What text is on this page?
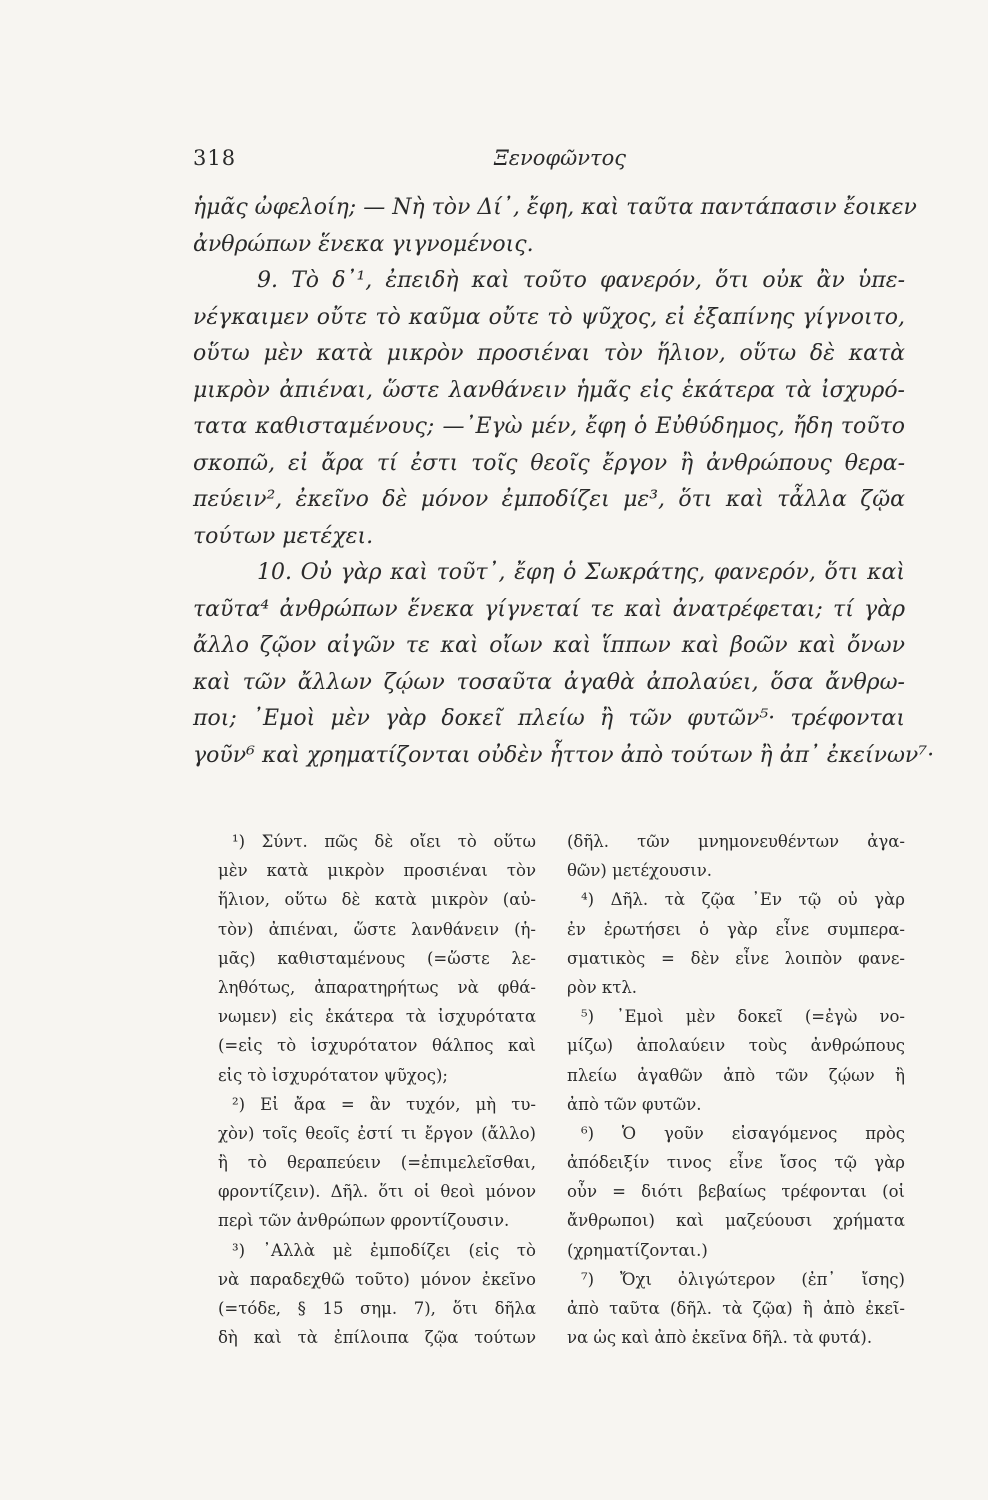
318	Ξενοφῶντος
ἡμᾶς ὠφελοίη; — Νὴ τὸν Δί᾽, ἔφη, καὶ ταῦτα παντάπασιν ἔοικεν
ἀνθρώπων ἕνεκα γιγνομένοις.
9. Τὸ δ᾽¹, ἐπειδὴ καὶ τοῦτο φανερόν, ὅτι οὐκ ἂν ὑπε-
νέγκαιμεν οὔτε τὸ καῦμα οὔτε τὸ ψῦχος, εἰ ἐξαπίνης γίγνοιτο,
οὕτω μὲν κατὰ μικρὸν προσιέναι τὸν ἥλιον, οὕτω δὲ κατὰ
μικρὸν ἀπιέναι, ὥστε λανθάνειν ἡμᾶς εἰς ἑκάτερα τὰ ἰσχυρό-
τατα καθισταμένους; —᾽Εγὼ μέν, ἔφη ὁ Εὐθύδημος, ἤδη τοῦτο
σκοπῶ, εἰ ἄρα τί ἐστι τοῖς θεοῖς ἔργον ἢ ἀνθρώπους θερα-
πεύειν², ἐκεῖνο δὲ μόνον ἐμποδίζει με³, ὅτι καὶ τἆλλα ζῷα
τούτων μετέχει.
10. Οὐ γὰρ καὶ τοῦτ᾽, ἔφη ὁ Σωκράτης, φανερόν, ὅτι καὶ
ταῦτα⁴ ἀνθρώπων ἕνεκα γίγνεταί τε καὶ ἀνατρέφεται; τί γὰρ
ἄλλο ζῷον αἰγῶν τε καὶ οἴων καὶ ἵππων καὶ βοῶν καὶ ὄνων
καὶ τῶν ἄλλων ζῴων τοσαῦτα ἀγαθὰ ἀπολαύει, ὅσα ἄνθρω-
ποι; ᾽Εμοὶ μὲν γὰρ δοκεῖ πλείω ἢ τῶν φυτῶν⁵· τρέφονται
γοῦν⁶ καὶ χρηματίζονται οὐδὲν ἧττον ἀπὸ τούτων ἢ ἀπ᾽ ἐκείνων⁷·
¹) Σύντ. πῶς δὲ οἴει τὸ οὕτω
μὲν κατὰ μικρὸν προσιέναι τὸν
ἥλιον, οὕτω δὲ κατὰ μικρὸν (αὐ-
τὸν) ἀπιέναι, ὥστε λανθάνειν (ἡ-
μᾶς) καθισταμένους (=ὥστε λε-
ληθότως, ἀπαρατηρήτως νὰ φθά-
νωμεν) εἰς ἑκάτερα τὰ ἰσχυρότατα
(=εἰς τὸ ἰσχυρότατον θάλπος καὶ
εἰς τὸ ἰσχυρότατον ψῦχος);
²) Εἰ ἄρα = ἂν τυχόν, μὴ τυ-
χὸν) τοῖς θεοῖς ἐστί τι ἔργον (ἄλλο)
ἢ τὸ θεραπεύειν (=ἐπιμελεῖσθαι,
φροντίζειν). Δῆλ. ὅτι οἱ θεοὶ μόνον
περὶ τῶν ἀνθρώπων φροντίζουσιν.
³) ᾽Αλλὰ μὲ ἐμποδίζει (εἰς τὸ
νὰ παραδεχθῶ τοῦτο) μόνον ἐκεῖνο
(=τόδε, § 15 σημ. 7), ὅτι δῆλα
δὴ καὶ τὰ ἐπίλοιπα ζῷα τούτων
(δῆλ. τῶν μνημονευθέντων ἀγα-
θῶν) μετέχουσιν.
⁴) Δῆλ. τὰ ζῷα ᾽Εν τῷ οὐ γὰρ
ἐν ἐρωτήσει ὁ γὰρ εἶνε συμπερα-
σματικὸς = δὲν εἶνε λοιπὸν φανε-
ρὸν κτλ.
⁵) ᾽Εμοὶ μὲν δοκεῖ (=ἐγὼ νο-
μίζω) ἀπολαύειν τοὺς ἀνθρώπους
πλείω ἀγαθῶν ἀπὸ τῶν ζῴων ἢ
ἀπὸ τῶν φυτῶν.
⁶) Ὁ γοῦν εἰσαγόμενος πρὸς
ἀπόδειξίν τινος εἶνε ἴσος τῷ γὰρ
οὖν = διότι βεβαίως τρέφονται (οἱ
ἄνθρωποι) καὶ μαζεύουσι χρήματα
(χρηματίζονται.)
⁷) Ὄχι ὀλιγώτερον (ἐπ᾽ ἴσης)
ἀπὸ ταῦτα (δῆλ. τὰ ζῷα) ἢ ἀπὸ ἐκεῖ-
να ὡς καὶ ἀπὸ ἐκεῖνα δῆλ. τὰ φυτά).
